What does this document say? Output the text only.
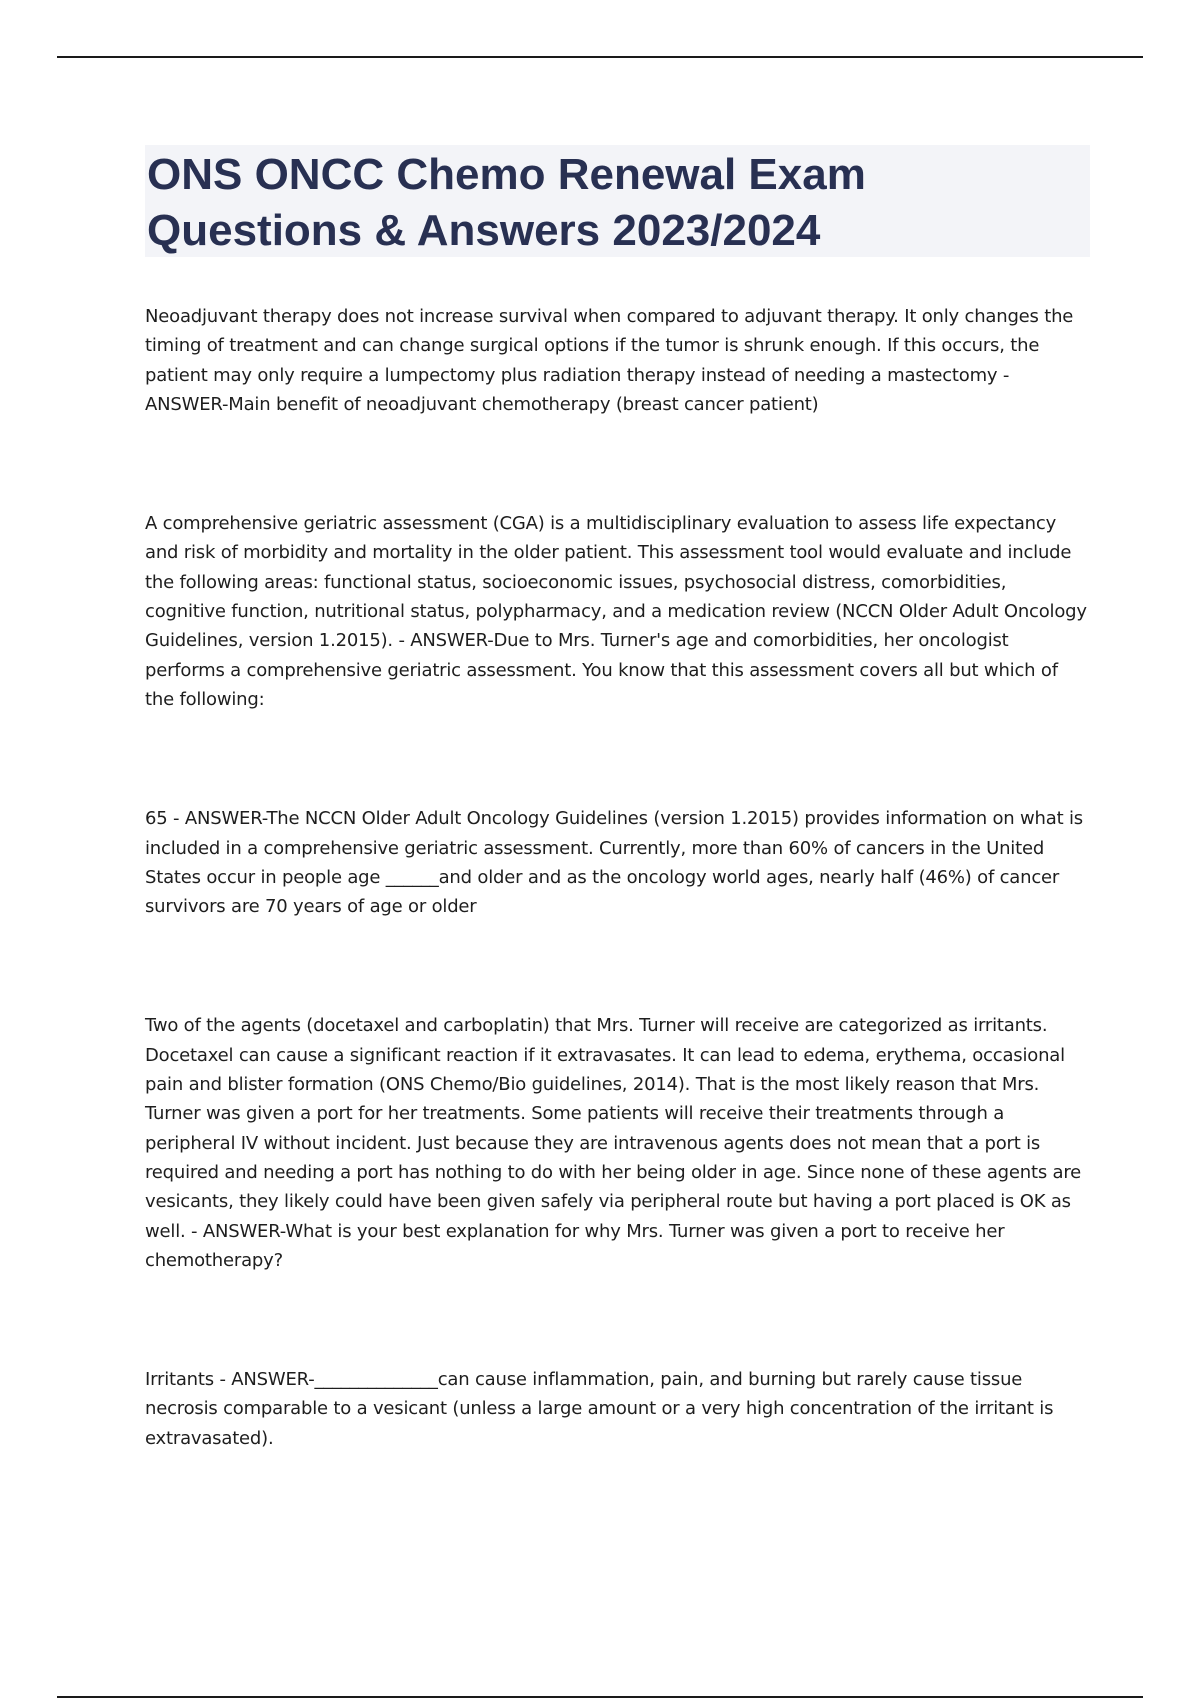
ONS ONCC Chemo Renewal Exam Questions & Answers 2023/2024

Neoadjuvant therapy does not increase survival when compared to adjuvant therapy. It only changes the timing of treatment and can change surgical options if the tumor is shrunk enough. If this occurs, the patient may only require a lumpectomy plus radiation therapy instead of needing a mastectomy - ANSWER-Main benefit of neoadjuvant chemotherapy (breast cancer patient)

A comprehensive geriatric assessment (CGA) is a multidisciplinary evaluation to assess life expectancy and risk of morbidity and mortality in the older patient. This assessment tool would evaluate and include the following areas: functional status, socioeconomic issues, psychosocial distress, comorbidities, cognitive function, nutritional status, polypharmacy, and a medication review (NCCN Older Adult Oncology Guidelines, version 1.2015). - ANSWER-Due to Mrs. Turner's age and comorbidities, her oncologist performs a comprehensive geriatric assessment. You know that this assessment covers all but which of the following:

65 - ANSWER-The NCCN Older Adult Oncology Guidelines (version 1.2015) provides information on what is included in a comprehensive geriatric assessment. Currently, more than 60% of cancers in the United States occur in people age ______and older and as the oncology world ages, nearly half (46%) of cancer survivors are 70 years of age or older

Two of the agents (docetaxel and carboplatin) that Mrs. Turner will receive are categorized as irritants. Docetaxel can cause a significant reaction if it extravasates. It can lead to edema, erythema, occasional pain and blister formation (ONS Chemo/Bio guidelines, 2014). That is the most likely reason that Mrs. Turner was given a port for her treatments. Some patients will receive their treatments through a peripheral IV without incident. Just because they are intravenous agents does not mean that a port is required and needing a port has nothing to do with her being older in age. Since none of these agents are vesicants, they likely could have been given safely via peripheral route but having a port placed is OK as well. - ANSWER-What is your best explanation for why Mrs. Turner was given a port to receive her chemotherapy?

Irritants - ANSWER-______________can cause inflammation, pain, and burning but rarely cause tissue necrosis comparable to a vesicant (unless a large amount or a very high concentration of the irritant is extravasated).
